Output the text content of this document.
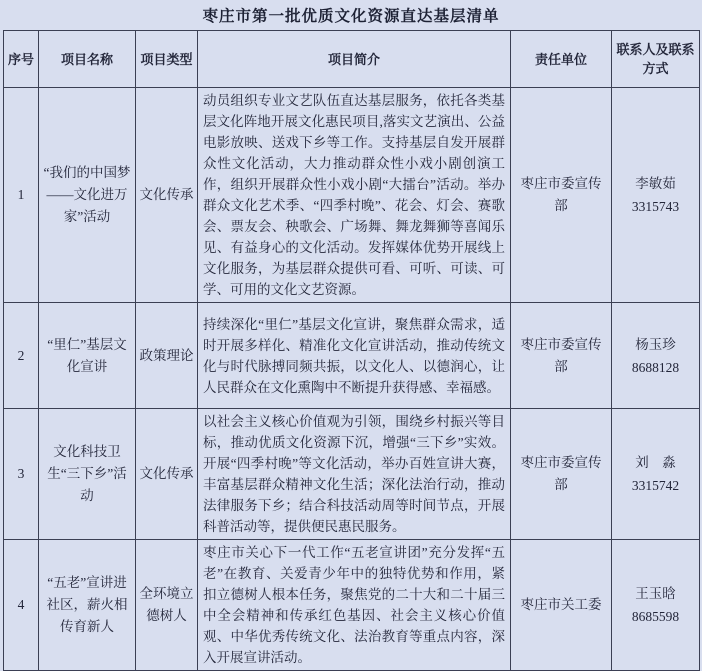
枣庄市第一批优质文化资源直达基层清单
序号	项目名称	项目类型	项目简介	责任单位	联系人及联系方式
1	“我们的中国梦——文化进万家”活动	文化传承	动员组织专业文艺队伍直达基层服务，依托各类基层文化阵地开展文化惠民项目,落实文艺演出、公益电影放映、送戏下乡等工作。支持基层自发开展群众性文化活动，大力推动群众性小戏小剧创演工作，组织开展群众性小戏小剧“大擂台”活动。举办群众文化艺术季、“四季村晚”、花会、灯会、赛歌会、票友会、秧歌会、广场舞、舞龙舞狮等喜闻乐见、有益身心的文化活动。发挥媒体优势开展线上文化服务，为基层群众提供可看、可听、可读、可学、可用的文化文艺资源。	枣庄市委宣传部	李敏茹
3315743

2	“里仁”基层文化宣讲	政策理论	持续深化“里仁”基层文化宣讲，聚焦群众需求，适时开展多样化、精准化文化宣讲活动，推动传统文化与时代脉搏同频共振，以文化人、以德润心，让人民群众在文化熏陶中不断提升获得感、幸福感。	枣庄市委宣传部	杨玉珍
8688128

3	文化科技卫生“三下乡”活动	文化传承	以社会主义核心价值观为引领，围绕乡村振兴等目标，推动优质文化资源下沉，增强“三下乡”实效。开展“四季村晚”等文化活动，举办百姓宣讲大赛，丰富基层群众精神文化生活；深化法治行动，推动法律服务下乡；结合科技活动周等时间节点，开展科普活动等，提供便民惠民服务。	枣庄市委宣传部	刘　淼
3315742

4	“五老”宣讲进社区，薪火相传育新人	全环境立德树人	枣庄市关心下一代工作“五老宣讲团”充分发挥“五老”在教育、关爱青少年中的独特优势和作用，紧扣立德树人根本任务，聚焦党的二十大和二十届三中全会精神和传承红色基因、社会主义核心价值观、中华优秀传统文化、法治教育等重点内容，深入开展宣讲活动。	枣庄市关工委	王玉晗
8685598
